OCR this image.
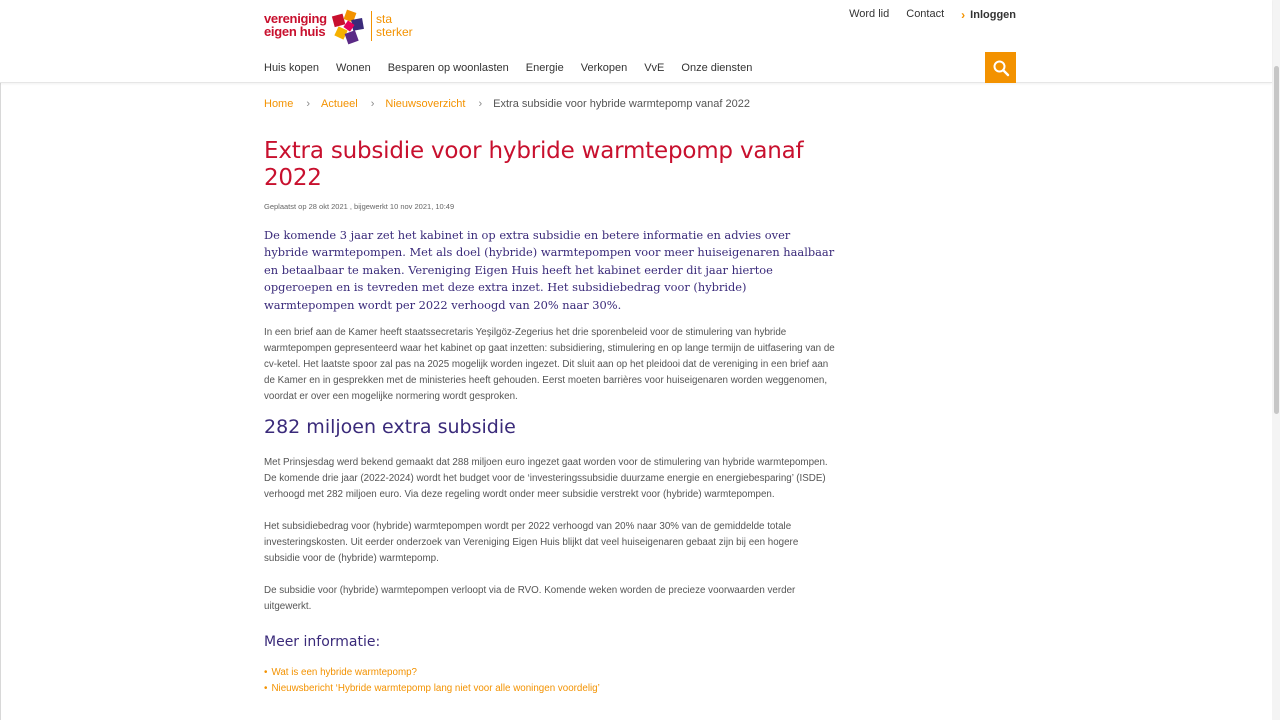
vereniging
eigen huis
sta
sterker
Word lid Contact › Inloggen
Huis kopen Wonen Besparen op woonlasten Energie Verkopen VvE Onze diensten
Home › Actueel › Nieuwsoverzicht › Extra subsidie voor hybride warmtepomp vanaf 2022
Extra subsidie voor hybride warmtepomp vanaf 2022
Geplaatst op 28 okt 2021 , bijgewerkt 10 nov 2021, 10:49

De komende 3 jaar zet het kabinet in op extra subsidie en betere informatie en advies over hybride warmtepompen. Met als doel (hybride) warmtepompen voor meer huiseigenaren haalbaar en betaalbaar te maken. Vereniging Eigen Huis heeft het kabinet eerder dit jaar hiertoe opgeroepen en is tevreden met deze extra inzet. Het subsidiebedrag voor (hybride) warmtepompen wordt per 2022 verhoogd van 20% naar 30%.

In een brief aan de Kamer heeft staatssecretaris Yeşilgöz-Zegerius het drie sporenbeleid voor de stimulering van hybride warmtepompen gepresenteerd waar het kabinet op gaat inzetten: subsidiering, stimulering en op lange termijn de uitfasering van de cv-ketel. Het laatste spoor zal pas na 2025 mogelijk worden ingezet. Dit sluit aan op het pleidooi dat de vereniging in een brief aan de Kamer en in gesprekken met de ministeries heeft gehouden. Eerst moeten barrières voor huiseigenaren worden weggenomen, voordat er over een mogelijke normering wordt gesproken.

282 miljoen extra subsidie

Met Prinsjesdag werd bekend gemaakt dat 288 miljoen euro ingezet gaat worden voor de stimulering van hybride warmtepompen. De komende drie jaar (2022-2024) wordt het budget voor de ‘investeringssubsidie duurzame energie en energiebesparing’ (ISDE) verhoogd met 282 miljoen euro. Via deze regeling wordt onder meer subsidie verstrekt voor (hybride) warmtepompen.

Het subsidiebedrag voor (hybride) warmtepompen wordt per 2022 verhoogd van 20% naar 30% van de gemiddelde totale investeringskosten. Uit eerder onderzoek van Vereniging Eigen Huis blijkt dat veel huiseigenaren gebaat zijn bij een hogere subsidie voor de (hybride) warmtepomp.

De subsidie voor (hybride) warmtepompen verloopt via de RVO. Komende weken worden de precieze voorwaarden verder uitgewerkt.

Meer informatie:
• Wat is een hybride warmtepomp?
• Nieuwsbericht ‘Hybride warmtepomp lang niet voor alle woningen voordelig’
